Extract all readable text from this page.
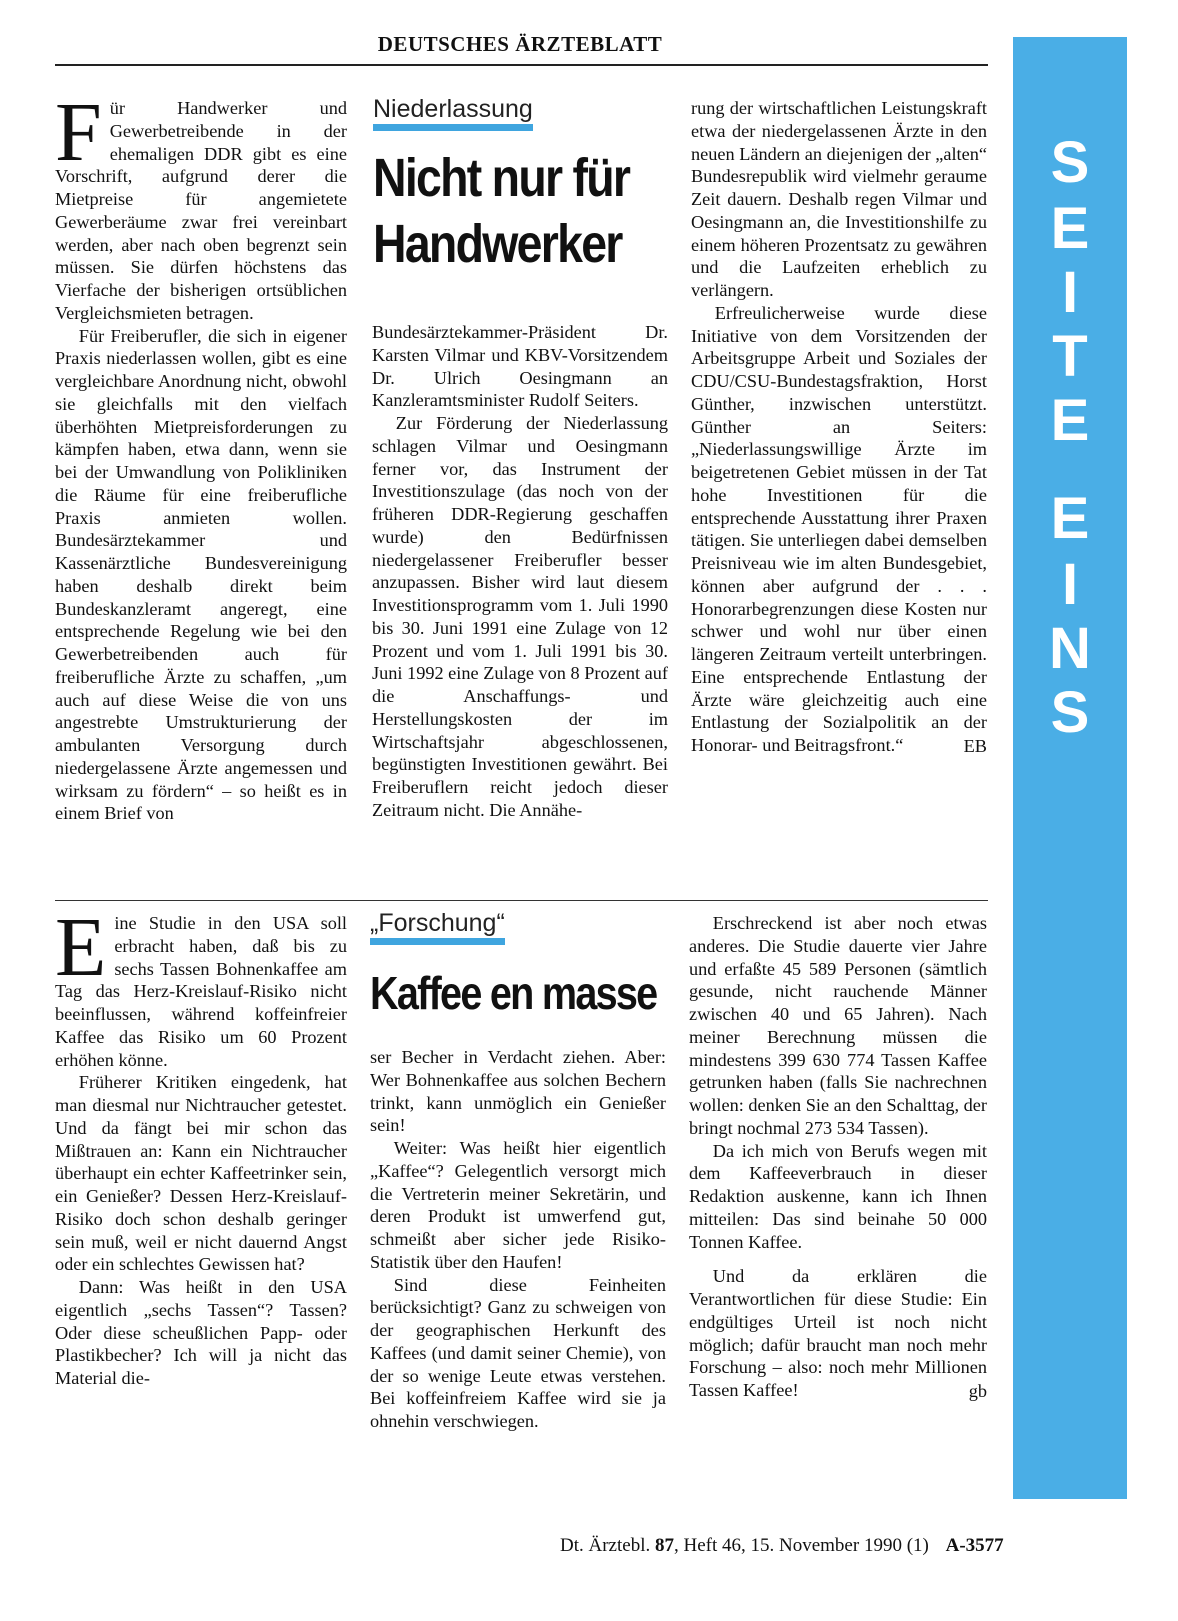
DEUTSCHES ÄRZTEBLATT

Für Handwerker und Gewerbetreibende in der ehemaligen DDR gibt es eine Vorschrift, aufgrund derer die Mietpreise für angemietete Gewerberäume zwar frei vereinbart werden, aber nach oben begrenzt sein müssen. Sie dürfen höchstens das Vierfache der bisherigen ortsüblichen Vergleichsmieten betragen.

Für Freiberufler, die sich in eigener Praxis niederlassen wollen, gibt es eine vergleichbare Anordnung nicht, obwohl sie gleichfalls mit den vielfach überhöhten Mietpreisforderungen zu kämpfen haben, etwa dann, wenn sie bei der Umwandlung von Polikliniken die Räume für eine freiberufliche Praxis anmieten wollen. Bundesärztekammer und Kassenärztliche Bundesvereinigung haben deshalb direkt beim Bundeskanzleramt angeregt, eine entsprechende Regelung wie bei den Gewerbetreibenden auch für freiberufliche Ärzte zu schaffen, „um auch auf diese Weise die von uns angestrebte Umstrukturierung der ambulanten Versorgung durch niedergelassene Ärzte angemessen und wirksam zu fördern“ – so heißt es in einem Brief von

Niederlassung
Nicht nur für
Handwerker

Bundesärztekammer-Präsident Dr. Karsten Vilmar und KBV-Vorsitzendem Dr. Ulrich Oesingmann an Kanzleramtsminister Rudolf Seiters.

Zur Förderung der Niederlassung schlagen Vilmar und Oesingmann ferner vor, das Instrument der Investitionszulage (das noch von der früheren DDR-Regierung geschaffen wurde) den Bedürfnissen niedergelassener Freiberufler besser anzupassen. Bisher wird laut diesem Investitionsprogramm vom 1. Juli 1990 bis 30. Juni 1991 eine Zulage von 12 Prozent und vom 1. Juli 1991 bis 30. Juni 1992 eine Zulage von 8 Prozent auf die Anschaffungs- und Herstellungskosten der im Wirtschaftsjahr abgeschlossenen, begünstigten Investitionen gewährt. Bei Freiberuflern reicht jedoch dieser Zeitraum nicht. Die Annähe-

rung der wirtschaftlichen Leistungskraft etwa der niedergelassenen Ärzte in den neuen Ländern an diejenigen der „alten“ Bundesrepublik wird vielmehr geraume Zeit dauern. Deshalb regen Vilmar und Oesingmann an, die Investitionshilfe zu einem höheren Prozentsatz zu gewähren und die Laufzeiten erheblich zu verlängern.

Erfreulicherweise wurde diese Initiative von dem Vorsitzenden der Arbeitsgruppe Arbeit und Soziales der CDU/CSU-Bundestagsfraktion, Horst Günther, inzwischen unterstützt. Günther an Seiters: „Niederlassungswillige Ärzte im beigetretenen Gebiet müssen in der Tat hohe Investitionen für die entsprechende Ausstattung ihrer Praxen tätigen. Sie unterliegen dabei demselben Preisniveau wie im alten Bundesgebiet, können aber aufgrund der . . . Honorarbegrenzungen diese Kosten nur schwer und wohl nur über einen längeren Zeitraum verteilt unterbringen. Eine entsprechende Entlastung der Ärzte wäre gleichzeitig auch eine Entlastung der Sozialpolitik an der Honorar- und Beitragsfront.“	EB

Eine Studie in den USA soll erbracht haben, daß bis zu sechs Tassen Bohnenkaffee am Tag das Herz-Kreislauf-Risiko nicht beeinflussen, während koffeinfreier Kaffee das Risiko um 60 Prozent erhöhen könne.

Früherer Kritiken eingedenk, hat man diesmal nur Nichtraucher getestet. Und da fängt bei mir schon das Mißtrauen an: Kann ein Nichtraucher überhaupt ein echter Kaffeetrinker sein, ein Genießer? Dessen Herz-Kreislauf-Risiko doch schon deshalb geringer sein muß, weil er nicht dauernd Angst oder ein schlechtes Gewissen hat?

Dann: Was heißt in den USA eigentlich „sechs Tassen“? Tassen? Oder diese scheußlichen Papp- oder Plastikbecher? Ich will ja nicht das Material die-

„Forschung“
Kaffee en masse

ser Becher in Verdacht ziehen. Aber: Wer Bohnenkaffee aus solchen Bechern trinkt, kann unmöglich ein Genießer sein!

Weiter: Was heißt hier eigentlich „Kaffee“? Gelegentlich versorgt mich die Vertreterin meiner Sekretärin, und deren Produkt ist umwerfend gut, schmeißt aber sicher jede Risiko-Statistik über den Haufen!

Sind diese Feinheiten berücksichtigt? Ganz zu schweigen von der geographischen Herkunft des Kaffees (und damit seiner Chemie), von der so wenige Leute etwas verstehen. Bei koffeinfreiem Kaffee wird sie ja ohnehin verschwiegen.

Erschreckend ist aber noch etwas anderes. Die Studie dauerte vier Jahre und erfaßte 45 589 Personen (sämtlich gesunde, nicht rauchende Männer zwischen 40 und 65 Jahren). Nach meiner Berechnung müssen die mindestens 399 630 774 Tassen Kaffee getrunken haben (falls Sie nachrechnen wollen: denken Sie an den Schalttag, der bringt nochmal 273 534 Tassen).

Da ich mich von Berufs wegen mit dem Kaffeeverbrauch in dieser Redaktion auskenne, kann ich Ihnen mitteilen: Das sind beinahe 50 000 Tonnen Kaffee.

Und da erklären die Verantwortlichen für diese Studie: Ein endgültiges Urteil ist noch nicht möglich; dafür braucht man noch mehr Forschung – also: noch mehr Millionen Tassen Kaffee!	gb

S
E
I
T
E
E
I
N
S
Dt. Ärztebl. 87, Heft 46, 15. November 1990 (1) A-3577
